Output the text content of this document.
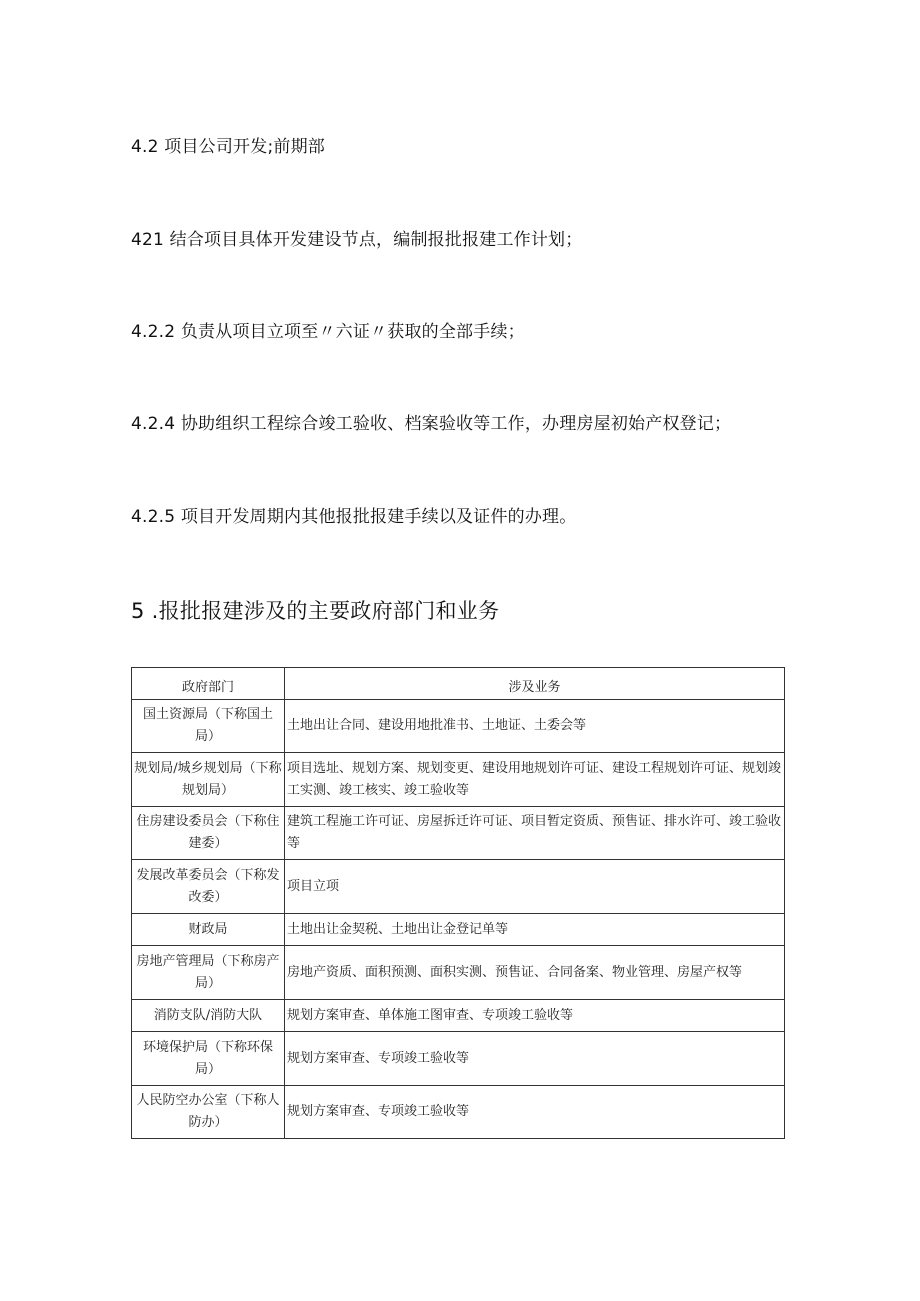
4.2 项目公司开发;前期部
421 结合项目具体开发建设节点，编制报批报建工作计划；
4.2.2 负责从项目立项至〃六证〃获取的全部手续；
4.2.4 协助组织工程综合竣工验收、档案验收等工作，办理房屋初始产权登记；
4.2.5 项目开发周期内其他报批报建手续以及证件的办理。
5 .报批报建涉及的主要政府部门和业务
政府部门	涉及业务
国土资源局（下称国土局）	土地出让合同、建设用地批准书、土地证、土委会等
规划局/城乡规划局（下称规划局）	项目选址、规划方案、规划变更、建设用地规划许可证、建设工程规划许可证、规划竣工实测、竣工核实、竣工验收等
住房建设委员会（下称住建委）	建筑工程施工许可证、房屋拆迁许可证、项目暂定资质、预售证、排水许可、竣工验收等
发展改革委员会（下称发改委）	项目立项
财政局	土地出让金契税、土地出让金登记单等
房地产管理局（下称房产局）	房地产资质、面积预测、面积实测、预售证、合同备案、物业管理、房屋产权等
消防支队/消防大队	规划方案审查、单体施工图审查、专项竣工验收等
环境保护局（下称环保局）	规划方案审查、专项竣工验收等
人民防空办公室（下称人防办）	规划方案审查、专项竣工验收等
